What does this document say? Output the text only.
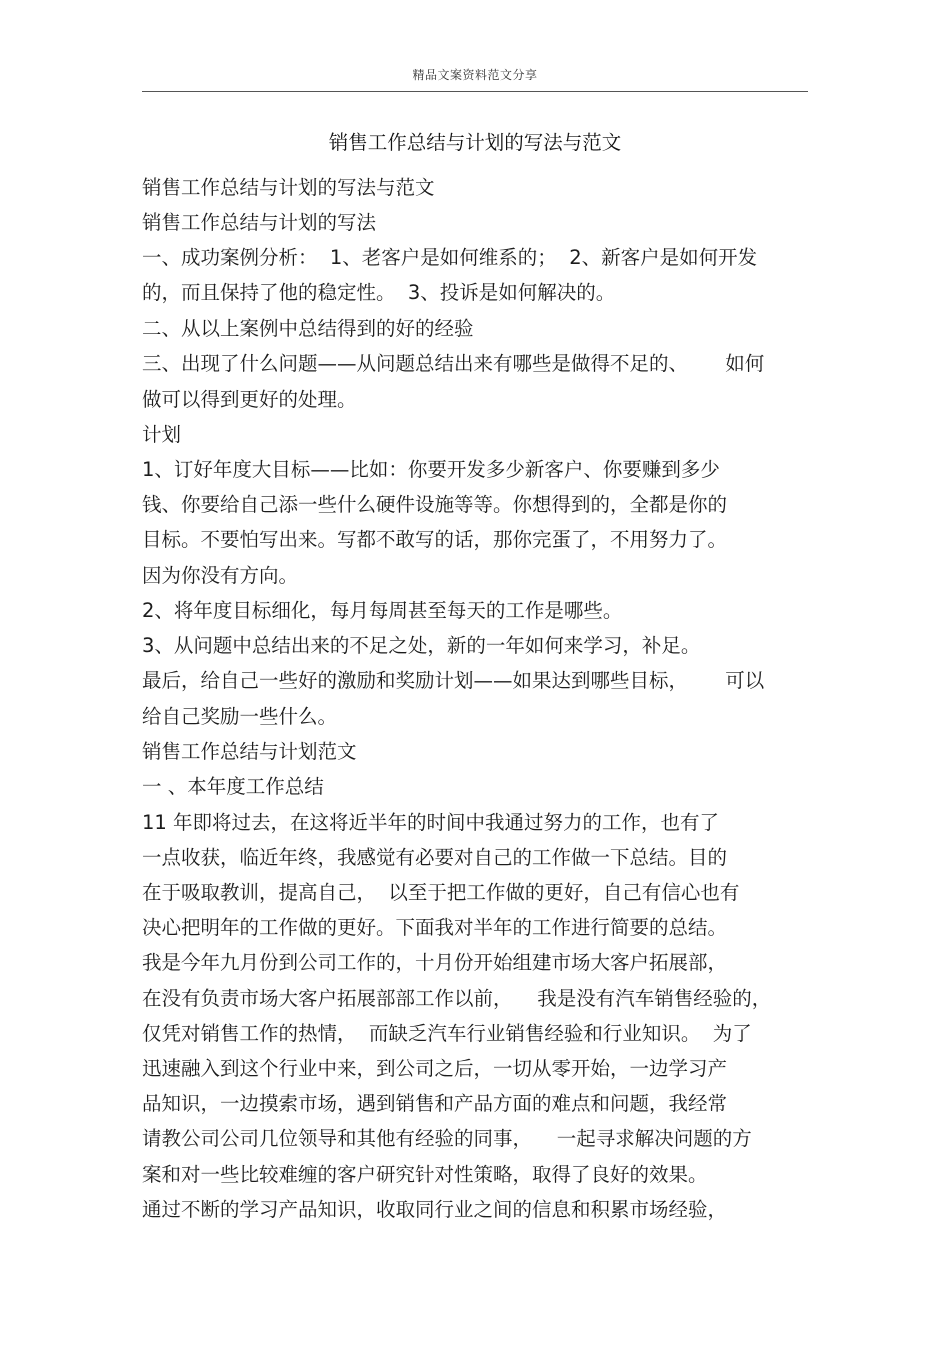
精品文案资料范文分享
销售工作总结与计划的写法与范文
销售工作总结与计划的写法与范文
销售工作总结与计划的写法
一、成功案例分析：  1、老客户是如何维系的；  2、新客户是如何开发
的，而且保持了他的稳定性。  3、投诉是如何解决的。
二、从以上案例中总结得到的好的经验
三、出现了什么问题——从问题总结出来有哪些是做得不足的、      如何
做可以得到更好的处理。
计划
1、订好年度大目标——比如：你要开发多少新客户、你要赚到多少
钱、你要给自己添一些什么硬件设施等等。你想得到的，全都是你的
目标。不要怕写出来。写都不敢写的话，那你完蛋了，不用努力了。
因为你没有方向。
2、将年度目标细化，每月每周甚至每天的工作是哪些。
3、从问题中总结出来的不足之处，新的一年如何来学习，补足。
最后，给自己一些好的激励和奖励计划——如果达到哪些目标，      可以
给自己奖励一些什么。
销售工作总结与计划范文
一 、本年度工作总结
11 年即将过去，在这将近半年的时间中我通过努力的工作，也有了
一点收获，临近年终，我感觉有必要对自己的工作做一下总结。目的
在于吸取教训，提高自己，  以至于把工作做的更好，自己有信心也有
决心把明年的工作做的更好。下面我对半年的工作进行简要的总结。
我是今年九月份到公司工作的，十月份开始组建市场大客户拓展部，
在没有负责市场大客户拓展部部工作以前，    我是没有汽车销售经验的，
仅凭对销售工作的热情，  而缺乏汽车行业销售经验和行业知识。  为了
迅速融入到这个行业中来，到公司之后，一切从零开始，一边学习产
品知识，一边摸索市场，遇到销售和产品方面的难点和问题，我经常
请教公司公司几位领导和其他有经验的同事，    一起寻求解决问题的方
案和对一些比较难缠的客户研究针对性策略，取得了良好的效果。
通过不断的学习产品知识，收取同行业之间的信息和积累市场经验，
